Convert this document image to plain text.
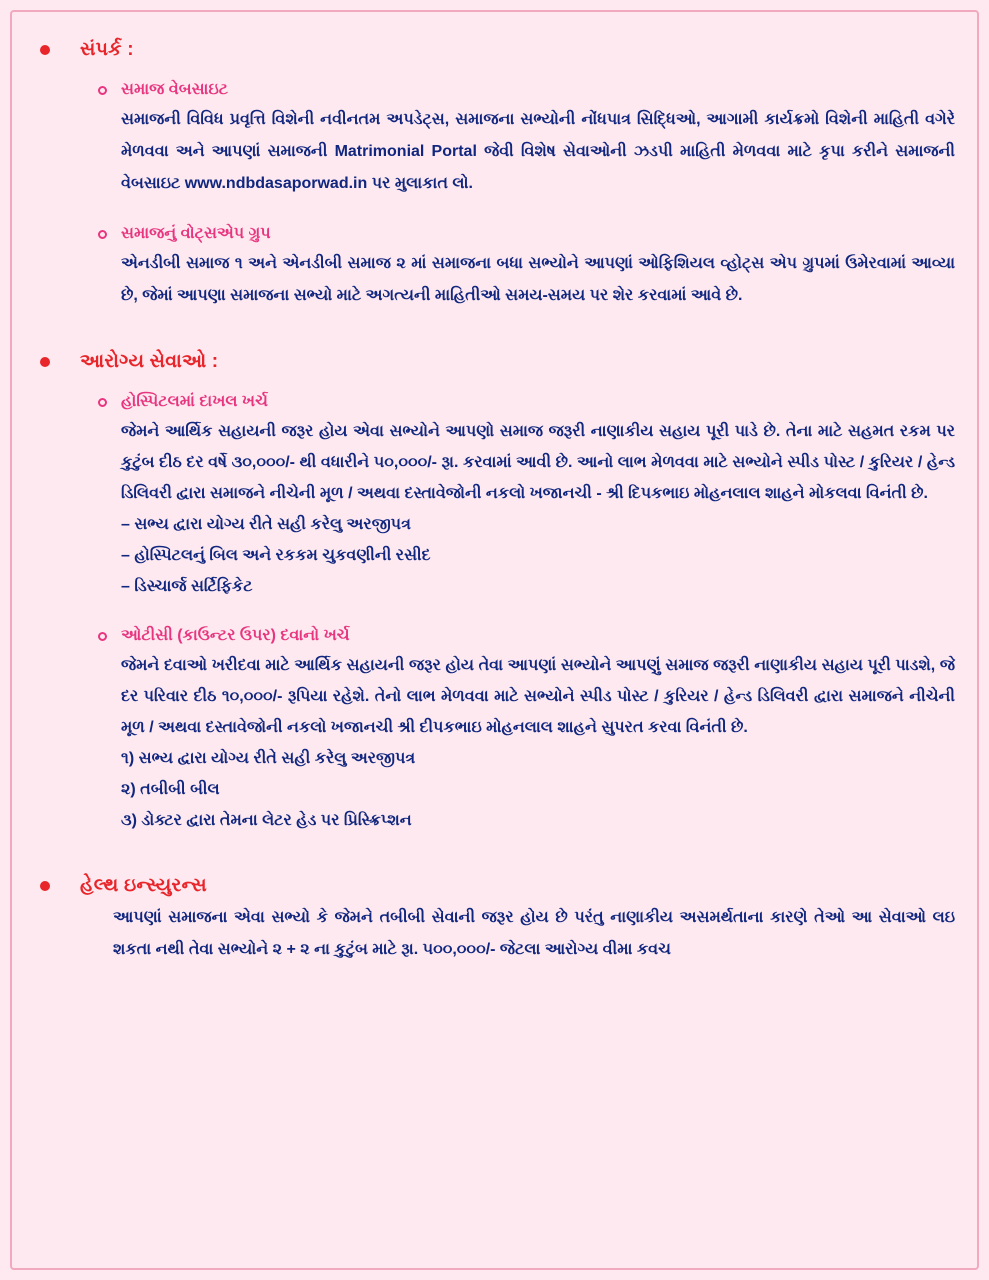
સંપર્ક :
સમાજ વેબસાઇટ
સમાજની વિવિધ પ્રવૃત્તિ વિશેની નવીનતમ અપડેટ્સ, સમાજના સભ્યોની નોંધપાત્ર સિદ્ધિઓ, આગામી કાર્યક્રમો વિશેની માહિતી વગેરે મેળવવા અને આપણાં સમાજની Matrimonial Portal જેવી વિશેષ સેવાઓની ઝડપી માહિતી મેળવવા માટે કૃપા કરીને સમાજની વેબસાઇટ www.ndbdasaporwad.in પર મુલાકાત લો.
સમાજનું વોટ્સએપ ગ્રુપ
એનડીબી સમાજ ૧ અને એનડીબી સમાજ ૨ માં સમાજના બધા સભ્યોને આપણાં ઓફિશિયલ વ્હોટ્સ એપ ગ્રુપમાં ઉમેરવામાં આવ્યા છે, જેમાં આપણા સમાજના સભ્યો માટે અગત્યની માહિતીઓ સમય-સમય પર શેર કરવામાં આવે છે.
આરોગ્ય સેવાઓ :
હોસ્પિટલમાં દાખલ ખર્ચ
જેમને આર્થિક સહાયની જરૂર હોય એવા સભ્યોને આપણો સમાજ જરૂરી નાણાકીય સહાય પૂરી પાડે છે. તેના માટે સહમત રકમ પર કુટુંબ દીઠ દર વર્ષે ૩૦,૦૦૦/- થી વધારીને ૫૦,૦૦૦/- રૂા. કરવામાં આવી છે. આનો લાભ મેળવવા માટે સભ્યોને સ્પીડ પોસ્ટ / કુરિયર / હેન્ડ ડિલિવરી દ્વારા સમાજને નીચેની મૂળ / અથવા દસ્તાવેજોની નકલો ખજાનચી - શ્રી દિપકભાઇ મોહનલાલ શાહને મોકલવા વિનંતી છે.
– સભ્ય દ્વારા યોગ્ય રીતે સહી કરેલુ અરજીપત્ર
– હોસ્પિટલનું બિલ અને રકકમ ચુકવણીની રસીદ
– ડિસ્ચાર્જ સર્ટિફિકેટ
ઓટીસી (કાઉન્ટર ઉપર) દવાનો ખર્ચ
જેમને દવાઓ ખરીદવા માટે આર્થિક સહાયની જરૂર હોય તેવા આપણાં સભ્યોને આપણું સમાજ જરૂરી નાણાકીય સહાય પૂરી પાડશે, જે દર પરિવાર દીઠ ૧૦,૦૦૦/- રૂપિયા રહેશે. તેનો લાભ મેળવવા માટે સભ્યોને સ્પીડ પોસ્ટ / કુરિયર / હેન્ડ ડિલિવરી દ્વારા સમાજને નીચેની મૂળ / અથવા દસ્તાવેજોની નકલો ખજાનચી શ્રી દીપકભાઇ મોહનલાલ શાહને સુપરત કરવા વિનંતી છે.
૧) સભ્ય દ્વારા યોગ્ય રીતે સહી કરેલુ અરજીપત્ર
૨) તબીબી બીલ
૩) ડોક્ટર દ્વારા તેમના લેટર હેડ પર પ્રિસ્ક્રિપ્શન
હેલ્થ ઇન્સ્યુરન્સ
આપણાં સમાજના એવા સભ્યો કે જેમને તબીબી સેવાની જરૂર હોય છે પરંતુ નાણાકીય અસમર્થતાના કારણે તેઓ આ સેવાઓ લઇ શકતા નથી તેવા સભ્યોને ૨ + ૨ ના કુટુંબ માટે રૂા. ૫૦૦,૦૦૦/- જેટલા આરોગ્ય વીમા કવચ
